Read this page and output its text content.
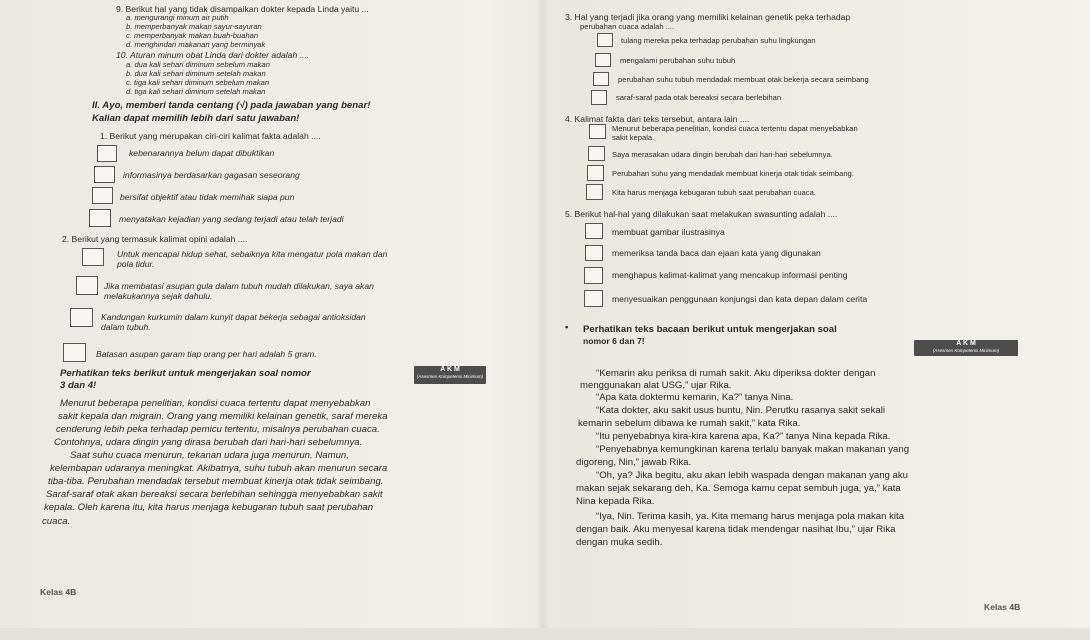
9. Berikut hal yang tidak disampaikan dokter kepada Linda yaitu ...
a. mengurangi minum air putih
b. memperbanyak makan sayur-sayuran
c. memperbanyak makan buah-buahan
d. menghindari makanan yang berminyak
10. Aturan minum obat Linda dari dokter adalah ....
a. dua kali sehari diminum sebelum makan
b. dua kali sehari diminum setelah makan
c. tiga kali sehari diminum sebelum makan
d. tiga kali sehari diminum setelah makan
II. Ayo, memberi tanda centang (√) pada jawaban yang benar!
Kalian dapat memilih lebih dari satu jawaban!
1. Berikut yang merupakan ciri-ciri kalimat fakta adalah ....
kebenarannya belum dapat dibuktikan
informasinya berdasarkan gagasan seseorang
bersifat objektif atau tidak memihak siapa pun
menyatakan kejadian yang sedang terjadi atau telah terjadi
2. Berikut yang termasuk kalimat opini adalah ....
Untuk mencapai hidup sehat, sebaiknya kita mengatur pola makan dan
pola tidur.
Jika membatasi asupan gula dalam tubuh mudah dilakukan, saya akan
melakukannya sejak dahulu.
Kandungan kurkumin dalam kunyit dapat bekerja sebagai antioksidan
dalam tubuh.
Batasan asupan garam tiap orang per hari adalah 5 gram.
Perhatikan teks berikut untuk mengerjakan soal nomor
3 dan 4!
A K M
(Asesmen Kompetensi Minimum)
Menurut beberapa penelitian, kondisi cuaca tertentu dapat menyebabkan
sakit kepala dan migrain. Orang yang memiliki kelainan genetik, saraf mereka
cenderung lebih peka terhadap pemicu tertentu, misalnya perubahan cuaca.
Contohnya, udara dingin yang dirasa berubah dari hari-hari sebelumnya.
Saat suhu cuaca menurun, tekanan udara juga menurun. Namun,
kelembapan udaranya meningkat. Akibatnya, suhu tubuh akan menurun secara
tiba-tiba. Perubahan mendadak tersebut membuat kinerja otak tidak seimbang.
Saraf-saraf otak akan bereaksi secara berlebihan sehingga menyebabkan sakit
kepala. Oleh karena itu, kita harus menjaga kebugaran tubuh saat perubahan
cuaca.
Kelas 4B
3. Hal yang terjadi jika orang yang memiliki kelainan genetik peka terhadap
perubahan cuaca adalah ....
tulang mereka peka terhadap perubahan suhu lingkungan
mengalami perubahan suhu tubuh
perubahan suhu tubuh mendadak membuat otak bekerja secara seimbang
saraf-saraf pada otak bereaksi secara berlebihan
4. Kalimat fakta dari teks tersebut, antara lain ....
Menurut beberapa penelitian, kondisi cuaca tertentu dapat menyebabkan
sakit kepala.
Saya merasakan udara dingin berubah dari hari-hari sebelumnya.
Perubahan suhu yang mendadak membuat kinerja otak tidak seimbang.
Kita harus menjaga kebugaran tubuh saat perubahan cuaca.
5. Berikut hal-hal yang dilakukan saat melakukan swasunting adalah ....
membuat gambar ilustrasinya
memeriksa tanda baca dan ejaan kata yang digunakan
menghapus kalimat-kalimat yang mencakup informasi penting
menyesuaikan penggunaan konjungsi dan kata depan dalam cerita
• Perhatikan teks bacaan berikut untuk mengerjakan soal
nomor 6 dan 7!	A K M
(Asesmen Kompetensi Minimum)
“Kemarin aku periksa di rumah sakit. Aku diperiksa dokter dengan
menggunakan alat USG,” ujar Rika.
“Apa kata doktermu kemarin, Ka?” tanya Nina.
“Kata dokter, aku sakit usus buntu, Nin. Perutku rasanya sakit sekali
kemarin sebelum dibawa ke rumah sakit,” kata Rika.
“Itu penyebabnya kira-kira karena apa, Ka?” tanya Nina kepada Rika.
“Penyebabnya kemungkinan karena terlalu banyak makan makanan yang
digoreng, Nin,” jawab Rika.
“Oh, ya? Jika begitu, aku akan lebih waspada dengan makanan yang aku
makan sejak sekarang deh, Ka. Semoga kamu cepat sembuh juga, ya,” kata
Nina kepada Rika.
“Iya, Nin. Terima kasih, ya. Kita memang harus menjaga pola makan kita
dengan baik. Aku menyesal karena tidak mendengar nasihat Ibu,” ujar Rika
dengan muka sedih.
Kelas 4B
